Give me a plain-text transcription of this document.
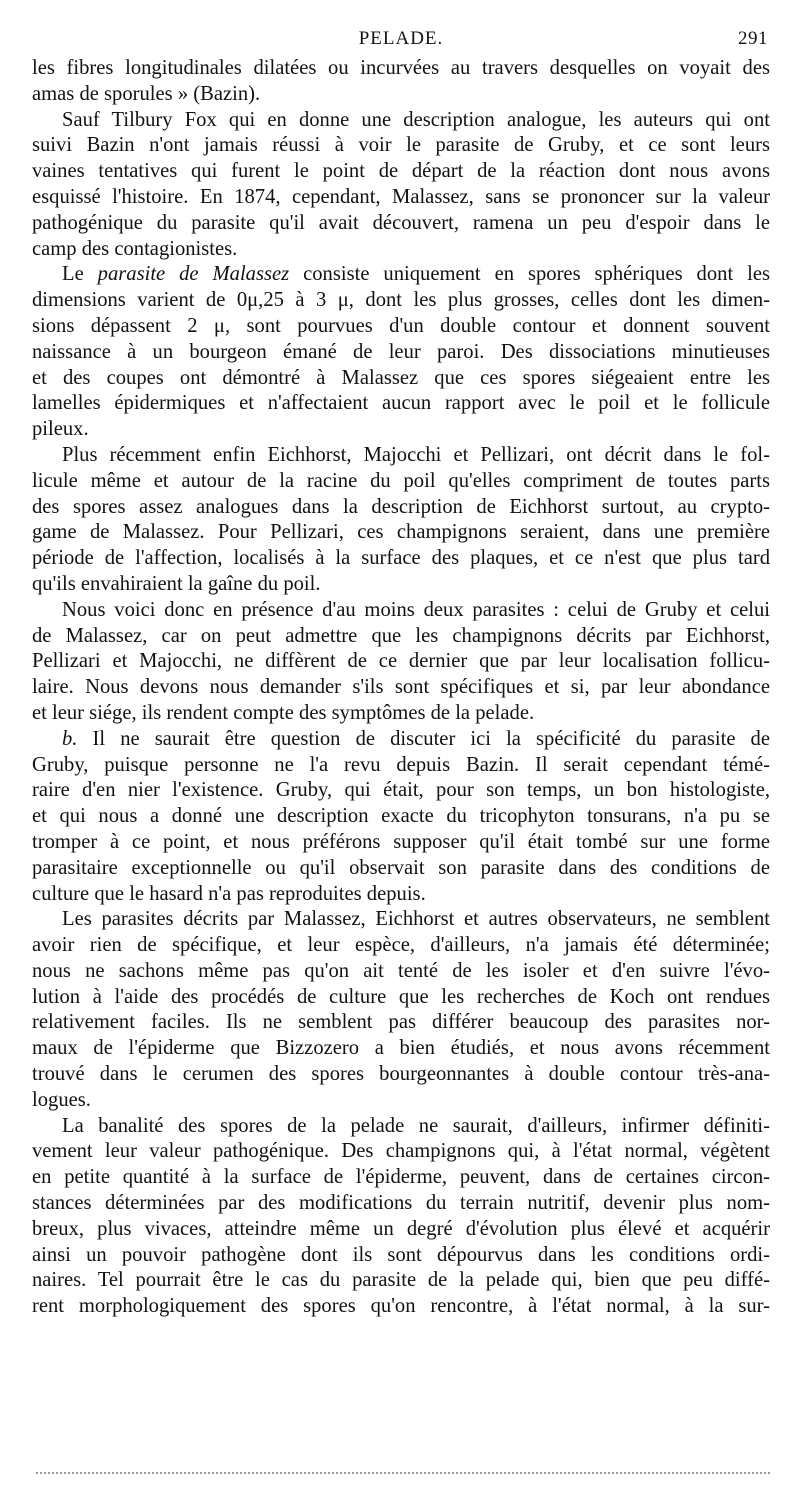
PELADE.	291
les fibres longitudinales dilatées ou incurvées au travers desquelles on voyait des
amas de sporules » (Bazin).
Sauf Tilbury Fox qui en donne une description analogue, les auteurs qui ont
suivi Bazin n'ont jamais réussi à voir le parasite de Gruby, et ce sont leurs
vaines tentatives qui furent le point de départ de la réaction dont nous avons
esquissé l'histoire. En 1874, cependant, Malassez, sans se prononcer sur la valeur
pathogénique du parasite qu'il avait découvert, ramena un peu d'espoir dans le
camp des contagionistes.
Le parasite de Malassez consiste uniquement en spores sphériques dont les
dimensions varient de 0μ,25 à 3 μ, dont les plus grosses, celles dont les dimen-
sions dépassent 2 μ, sont pourvues d'un double contour et donnent souvent
naissance à un bourgeon émané de leur paroi. Des dissociations minutieuses
et des coupes ont démontré à Malassez que ces spores siégeaient entre les
lamelles épidermiques et n'affectaient aucun rapport avec le poil et le follicule
pileux.
Plus récemment enfin Eichhorst, Majocchi et Pellizari, ont décrit dans le fol-
licule même et autour de la racine du poil qu'elles compriment de toutes parts
des spores assez analogues dans la description de Eichhorst surtout, au crypto-
game de Malassez. Pour Pellizari, ces champignons seraient, dans une première
période de l'affection, localisés à la surface des plaques, et ce n'est que plus tard
qu'ils envahiraient la gaîne du poil.
Nous voici donc en présence d'au moins deux parasites : celui de Gruby et celui
de Malassez, car on peut admettre que les champignons décrits par Eichhorst,
Pellizari et Majocchi, ne diffèrent de ce dernier que par leur localisation follicu-
laire. Nous devons nous demander s'ils sont spécifiques et si, par leur abondance
et leur siége, ils rendent compte des symptômes de la pelade.
b. Il ne saurait être question de discuter ici la spécificité du parasite de
Gruby, puisque personne ne l'a revu depuis Bazin. Il serait cependant témé-
raire d'en nier l'existence. Gruby, qui était, pour son temps, un bon histologiste,
et qui nous a donné une description exacte du tricophyton tonsurans, n'a pu se
tromper à ce point, et nous préférons supposer qu'il était tombé sur une forme
parasitaire exceptionnelle ou qu'il observait son parasite dans des conditions de
culture que le hasard n'a pas reproduites depuis.
Les parasites décrits par Malassez, Eichhorst et autres observateurs, ne semblent
avoir rien de spécifique, et leur espèce, d'ailleurs, n'a jamais été déterminée;
nous ne sachons même pas qu'on ait tenté de les isoler et d'en suivre l'évo-
lution à l'aide des procédés de culture que les recherches de Koch ont rendues
relativement faciles. Ils ne semblent pas différer beaucoup des parasites nor-
maux de l'épiderme que Bizzozero a bien étudiés, et nous avons récemment
trouvé dans le cerumen des spores bourgeonnantes à double contour très-ana-
logues.
La banalité des spores de la pelade ne saurait, d'ailleurs, infirmer définiti-
vement leur valeur pathogénique. Des champignons qui, à l'état normal, végètent
en petite quantité à la surface de l'épiderme, peuvent, dans de certaines circon-
stances déterminées par des modifications du terrain nutritif, devenir plus nom-
breux, plus vivaces, atteindre même un degré d'évolution plus élevé et acquérir
ainsi un pouvoir pathogène dont ils sont dépourvus dans les conditions ordi-
naires. Tel pourrait être le cas du parasite de la pelade qui, bien que peu diffé-
rent morphologiquement des spores qu'on rencontre, à l'état normal, à la sur-
